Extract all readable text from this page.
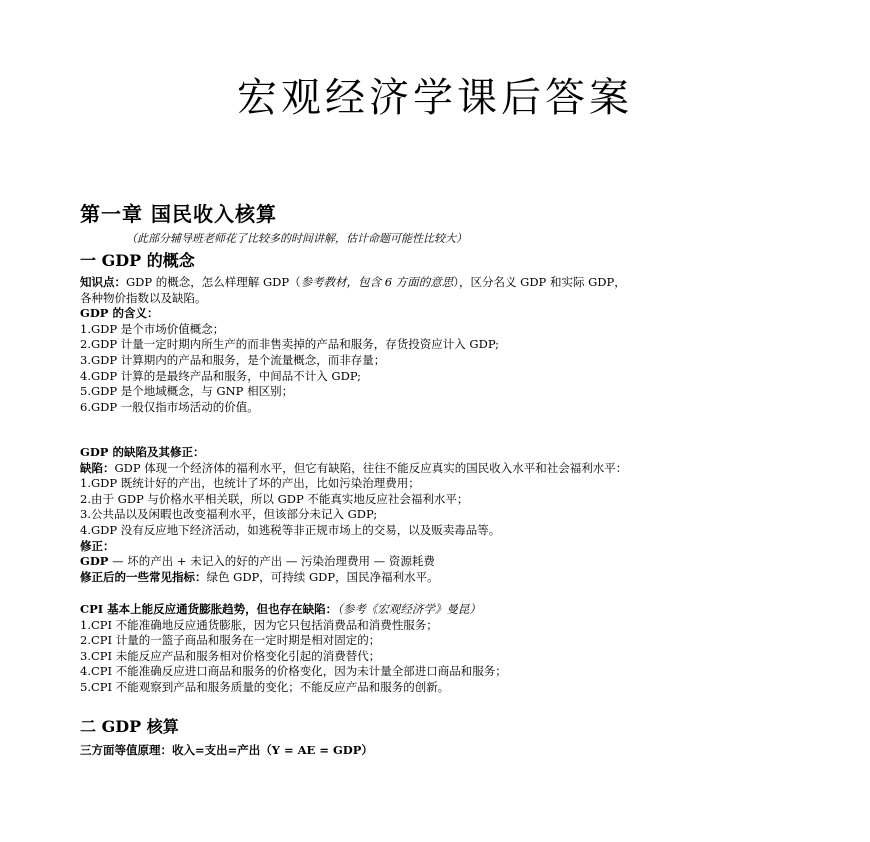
宏观经济学课后答案
第一章 国民收入核算
（此部分辅导班老师花了比较多的时间讲解，估计命题可能性比较大）
一 GDP 的概念
知识点：GDP 的概念，怎么样理解 GDP（参考教材，包含 6 方面的意思），区分名义 GDP 和实际 GDP，
各种物价指数以及缺陷。
GDP 的含义：
1.GDP 是个市场价值概念；
2.GDP 计量一定时期内所生产的而非售卖掉的产品和服务，存货投资应计入 GDP;
3.GDP 计算期内的产品和服务，是个流量概念，而非存量；
4.GDP 计算的是最终产品和服务，中间品不计入 GDP;
5.GDP 是个地域概念，与 GNP 相区别；
6.GDP 一般仅指市场活动的价值。
GDP 的缺陷及其修正：
缺陷：GDP 体现一个经济体的福利水平，但它有缺陷，往往不能反应真实的国民收入水平和社会福利水平：
1.GDP 既统计好的产出，也统计了坏的产出，比如污染治理费用；
2.由于 GDP 与价格水平相关联，所以 GDP 不能真实地反应社会福利水平；
3.公共品以及闲暇也改变福利水平，但该部分未记入 GDP;
4.GDP 没有反应地下经济活动，如逃税等非正规市场上的交易，以及贩卖毒品等。
修正：
GDP — 坏的产出 + 未记入的好的产出 — 污染治理费用 — 资源耗费
修正后的一些常见指标：绿色 GDP，可持续 GDP，国民净福利水平。
CPI 基本上能反应通货膨胀趋势，但也存在缺陷：（参考《宏观经济学》曼昆）
1.CPI 不能准确地反应通货膨胀，因为它只包括消费品和消费性服务；
2.CPI 计量的一篮子商品和服务在一定时期是相对固定的；
3.CPI 未能反应产品和服务相对价格变化引起的消费替代；
4.CPI 不能准确反应进口商品和服务的价格变化，因为未计量全部进口商品和服务；
5.CPI 不能观察到产品和服务质量的变化；不能反应产品和服务的创新。
二 GDP 核算
三方面等值原理：收入=支出=产出（Y = AE = GDP）
